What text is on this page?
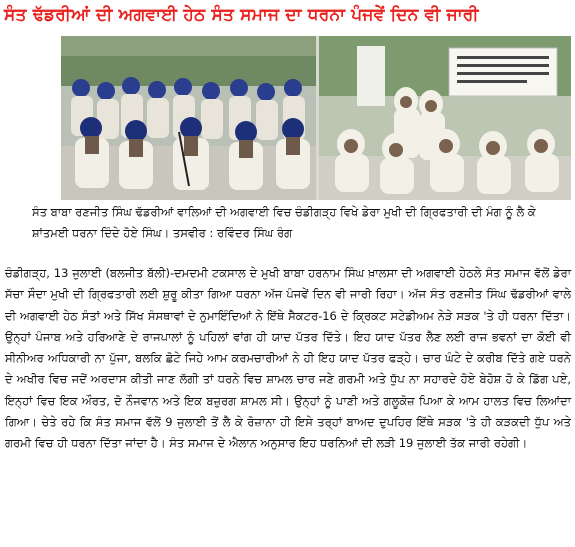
ਸੰਤ ਢੱਡਰੀਆਂ ਦੀ ਅਗਵਾਈ ਹੇਠ ਸੰਤ ਸਮਾਜ ਦਾ ਧਰਨਾ ਪੰਜਵੇਂ ਦਿਨ ਵੀ ਜਾਰੀ
ਸੰਤ ਬਾਬਾ ਰਣਜੀਤ ਸਿੰਘ ਢੱਡਰੀਆਂ ਵਾਲਿਆਂ ਦੀ ਅਗਵਾਈ ਵਿਚ ਚੰਡੀਗੜ੍ਹ ਵਿਖੇ ਡੇਰਾ ਮੁਖੀ ਦੀ ਗ੍ਰਿਫਤਾਰੀ ਦੀ ਮੰਗ ਨੂੰ ਲੈ ਕੇ ਸ਼ਾਂਤਮਈ ਧਰਨਾ ਦਿੰਦੇ ਹੋਏ ਸਿੰਘ। ਤਸਵੀਰ : ਰਵਿੰਦਰ ਸਿੰਘ ਰੰਗ
ਚੰਡੀਗੜ੍ਹ, 13 ਜੁਲਾਈ (ਬਲਜੀਤ ਬੱਲੀ)-ਦਮਦਮੀ ਟਕਸਾਲ ਦੇ ਮੁਖੀ ਬਾਬਾ ਹਰਨਾਮ ਸਿੰਘ ਖ਼ਾਲਸਾ ਦੀ ਅਗਵਾਈ ਹੇਠਲੇ ਸੰਤ ਸਮਾਜ ਵੱਲੋਂ ਡੇਰਾ ਸੱਚਾ ਸੌਦਾ ਮੁਖੀ ਦੀ ਗ੍ਰਿਫਤਾਰੀ ਲਈ ਸ਼ੁਰੂ ਕੀਤਾ ਗਿਆ ਧਰਨਾ ਅੱਜ ਪੰਜਵੇਂ ਦਿਨ ਵੀ ਜਾਰੀ ਰਿਹਾ। ਅੱਜ ਸੰਤ ਰਣਜੀਤ ਸਿੰਘ ਢੱਡਰੀਆਂ ਵਾਲੇ ਦੀ ਅਗਵਾਈ ਹੇਠ ਸੰਤਾਂ ਅਤੇ ਸਿੱਖ ਸੰਸਥਾਵਾਂ ਦੇ ਨੁਮਾਇੰਦਿਆਂ ਨੇ ਇੱਥੇ ਸੈਕਟਰ-16 ਦੇ ਕ੍ਰਿਕਟ ਸਟੇਡੀਅਮ ਨੇੜੇ ਸੜਕ 'ਤੇ ਹੀ ਧਰਨਾ ਦਿੱਤਾ। ਉਨ੍ਹਾਂ ਪੰਜਾਬ ਅਤੇ ਹਰਿਆਣੇ ਦੇ ਰਾਜਪਾਲਾਂ ਨੂੰ ਪਹਿਲਾਂ ਵਾਂਗ ਹੀ ਯਾਦ ਪੱਤਰ ਦਿੱਤੇ। ਇਹ ਯਾਦ ਪੱਤਰ ਲੈਣ ਲਈ ਰਾਜ ਭਵਨਾਂ ਦਾ ਕੋਈ ਵੀ ਸੀਨੀਅਰ ਅਧਿਕਾਰੀ ਨਾ ਪੁੱਜਾ, ਬਲਕਿ ਛੋਟੇ ਜਿਹੇ ਆਮ ਕਰਮਚਾਰੀਆਂ ਨੇ ਹੀ ਇਹ ਯਾਦ ਪੱਤਰ ਫੜ੍ਹੇ। ਚਾਰ ਘੰਟੇ ਦੇ ਕਰੀਬ ਦਿੱਤੇ ਗਏ ਧਰਨੇ ਦੇ ਅਖੀਰ ਵਿਚ ਜਦੋਂ ਅਰਦਾਸ ਕੀਤੀ ਜਾਣ ਲੱਗੀ ਤਾਂ ਧਰਨੇ ਵਿਚ ਸ਼ਾਮਲ ਚਾਰ ਜਣੇ ਗਰਮੀ ਅਤੇ ਧੁੱਪ ਨਾ ਸਹਾਰਦੇ ਹੋਏ ਬੇਹੋਸ਼ ਹੋ ਕੇ ਡਿੱਗ ਪਏ, ਇਨ੍ਹਾਂ ਵਿਚ ਇਕ ਔਰਤ, ਦੋ ਨੌਜਵਾਨ ਅਤੇ ਇਕ ਬਜ਼ੁਰਗ ਸ਼ਾਮਲ ਸੀ। ਉਨ੍ਹਾਂ ਨੂੰ ਪਾਣੀ ਅਤੇ ਗਲੂਕੋਜ਼ ਪਿਆ ਕੇ ਆਮ ਹਾਲਤ ਵਿਚ ਲਿਆਂਦਾ ਗਿਆ। ਚੇਤੇ ਰਹੇ ਕਿ ਸੰਤ ਸਮਾਜ ਵੱਲੋਂ 9 ਜੁਲਾਈ ਤੋਂ ਲੈ ਕੇ ਰੋਜ਼ਾਨਾ ਹੀ ਇਸੇ ਤਰ੍ਹਾਂ ਬਾਅਦ ਦੁਪਹਿਰ ਇੱਥੇ ਸੜਕ 'ਤੇ ਹੀ ਕੜਕਦੀ ਧੁੱਪ ਅਤੇ ਗਰਮੀ ਵਿਚ ਹੀ ਧਰਨਾ ਦਿੱਤਾ ਜਾਂਦਾ ਹੈ। ਸੰਤ ਸਮਾਜ ਦੇ ਐਲਾਨ ਅਨੁਸਾਰ ਇਹ ਧਰਨਿਆਂ ਦੀ ਲੜੀ 19 ਜੁਲਾਈ ਤੱਕ ਜਾਰੀ ਰਹੇਗੀ।
